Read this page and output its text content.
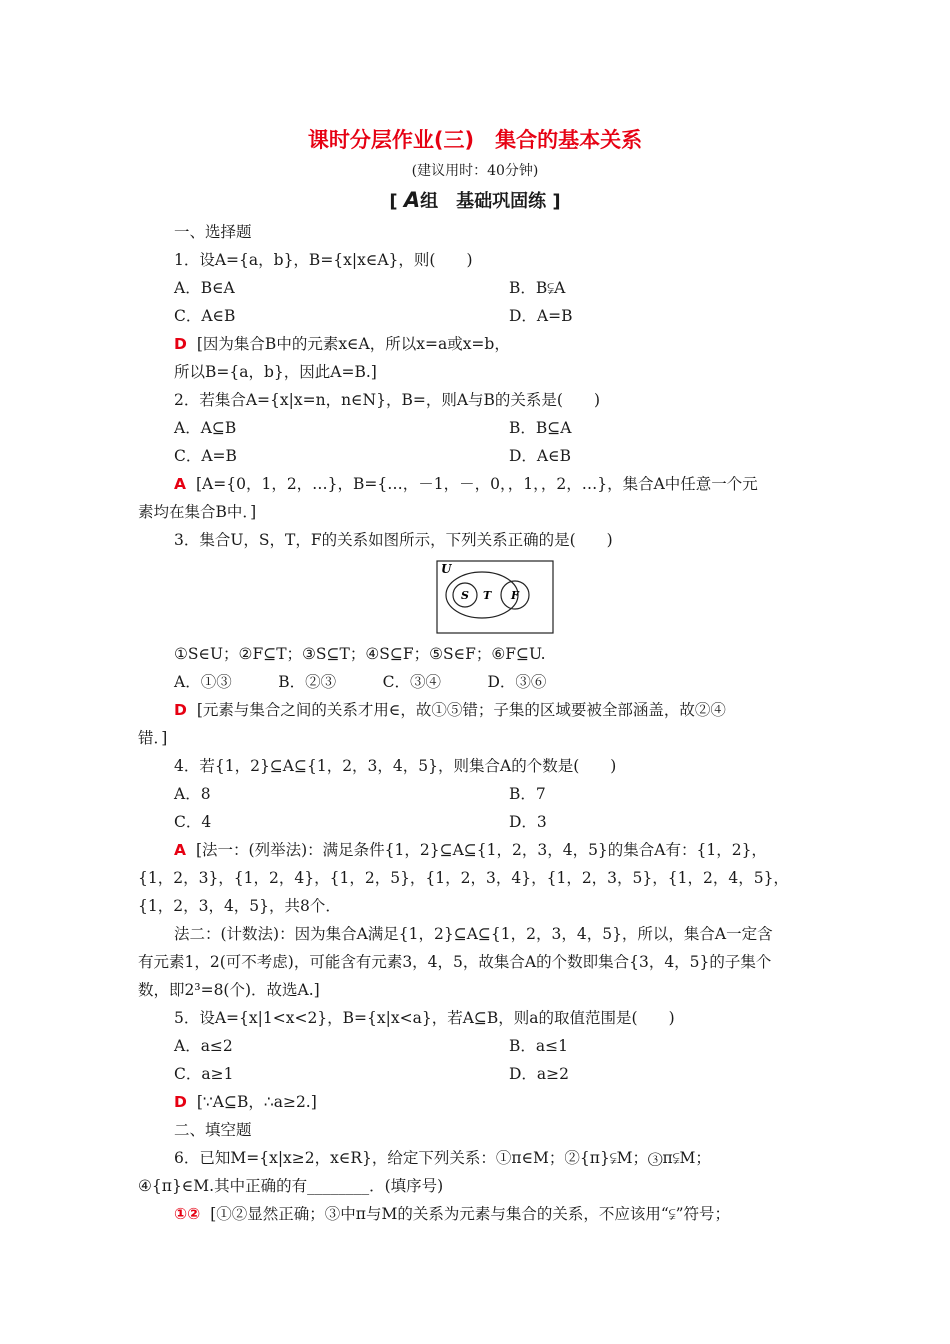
课时分层作业(三)　集合的基本关系
(建议用时：40分钟)
[ A组　基础巩固练 ]
一、选择题
1．设A={a，b}，B={x|x∈A}，则(　　)
A．B∈A	B．B⫋A
C．A∈B	D．A=B
D [因为集合B中的元素x∈A，所以x=a或x=b，
所以B={a，b}，因此A=B.]
2．若集合A={x|x=n，n∈N}，B=，则A与B的关系是(　　)
A．A⊆B	B．B⊆A
C．A=B	D．A∈B
A [A={0，1，2，…}，B={…，－1，－，0，，1，，2，…}，集合A中任意一个元
素均在集合B中．]
3．集合U，S，T，F的关系如图所示，下列关系正确的是(　　)
U
S T F
①S∈U；②F⊆T；③S⊆T；④S⊆F；⑤S∈F；⑥F⊆U.
A．①③　　　B．②③　　　C．③④　　　D．③⑥
D [元素与集合之间的关系才用∈，故①⑤错；子集的区域要被全部涵盖，故②④
错．]
4．若{1，2}⊆A⊆{1，2，3，4，5}，则集合A的个数是(　　)
A．8	B．7
C．4	D．3
A [法一：(列举法)：满足条件{1，2}⊆A⊆{1，2，3，4，5}的集合A有：{1，2}，
{1，2，3}，{1，2，4}，{1，2，5}，{1，2，3，4}，{1，2，3，5}，{1，2，4，5}，
{1，2，3，4，5}，共8个．
法二：(计数法)：因为集合A满足{1，2}⊆A⊆{1，2，3，4，5}，所以，集合A一定含
有元素1，2(可不考虑)，可能含有元素3，4，5，故集合A的个数即集合{3，4，5}的子集个
数，即2³=8(个)．故选A.]
5．设A={x|1<x<2}，B={x|x<a}，若A⊆B，则a的取值范围是(　　)
A．a≤2	B．a≤1
C．a≥1	D．a≥2
D [∵A⊆B，∴a≥2.]
二、填空题
6．已知M={x|x≥2，x∈R}，给定下列关系：①π∈M；②{π}⫋M；③π⫋M；
④{π}∈M.其中正确的有________．(填序号)
①② [①②显然正确；③中π与M的关系为元素与集合的关系，不应该用“⫋”符号；
